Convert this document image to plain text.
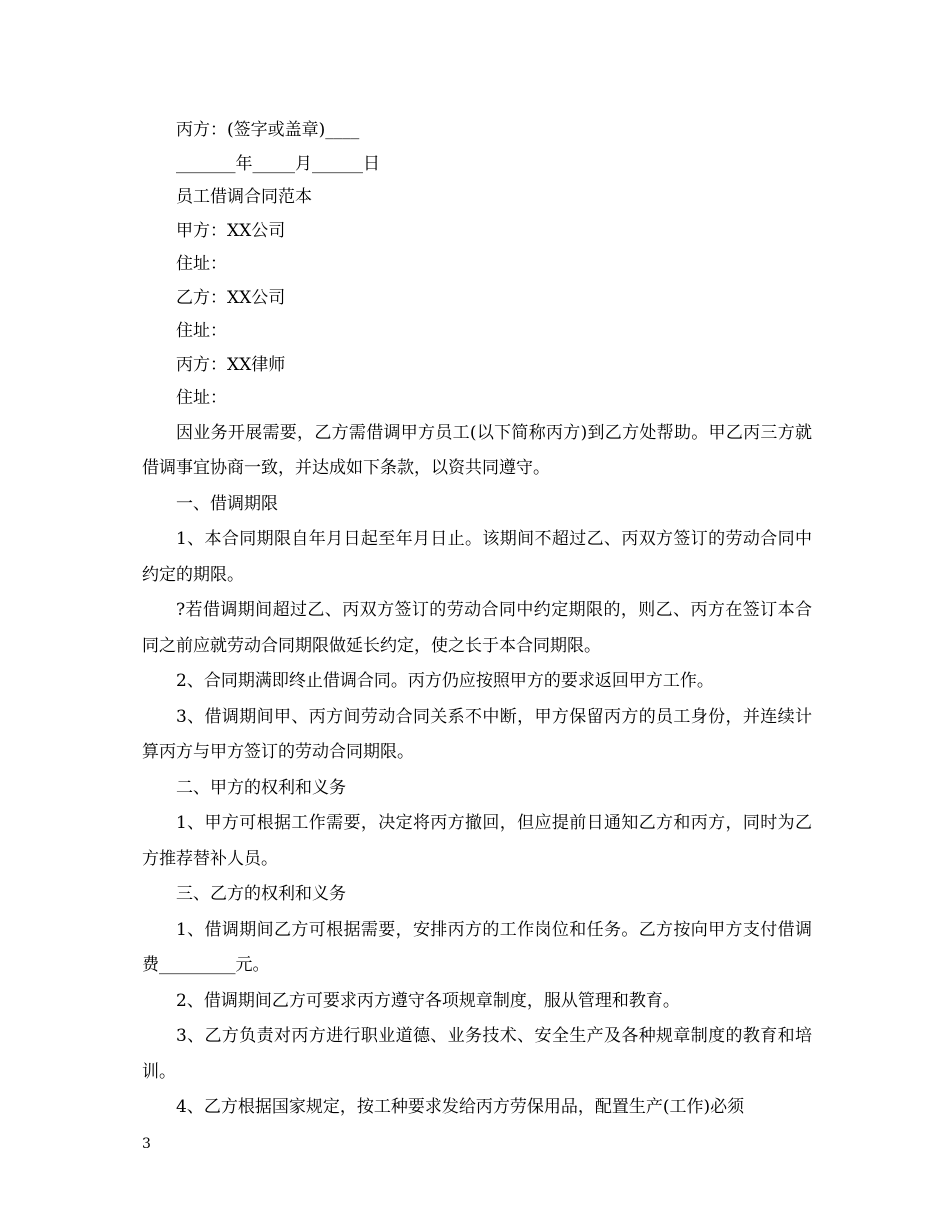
丙方：(签字或盖章)____
_______年_____月______日
员工借调合同范本
甲方：XX公司
住址：
乙方：XX公司
住址：
丙方：XX律师
住址：
因业务开展需要，乙方需借调甲方员工(以下简称丙方)到乙方处帮助。甲乙丙三方就借调事宜协商一致，并达成如下条款，以资共同遵守。
一、借调期限
1、本合同期限自年月日起至年月日止。该期间不超过乙、丙双方签订的劳动合同中约定的期限。
?若借调期间超过乙、丙双方签订的劳动合同中约定期限的，则乙、丙方在签订本合同之前应就劳动合同期限做延长约定，使之长于本合同期限。
2、合同期满即终止借调合同。丙方仍应按照甲方的要求返回甲方工作。
3、借调期间甲、丙方间劳动合同关系不中断，甲方保留丙方的员工身份，并连续计算丙方与甲方签订的劳动合同期限。
二、甲方的权利和义务
1、甲方可根据工作需要，决定将丙方撤回，但应提前日通知乙方和丙方，同时为乙方推荐替补人员。
三、乙方的权利和义务
1、借调期间乙方可根据需要，安排丙方的工作岗位和任务。乙方按向甲方支付借调费_________元。
2、借调期间乙方可要求丙方遵守各项规章制度，服从管理和教育。
3、乙方负责对丙方进行职业道德、业务技术、安全生产及各种规章制度的教育和培训。
4、乙方根据国家规定，按工种要求发给丙方劳保用品，配置生产(工作)必须
3
